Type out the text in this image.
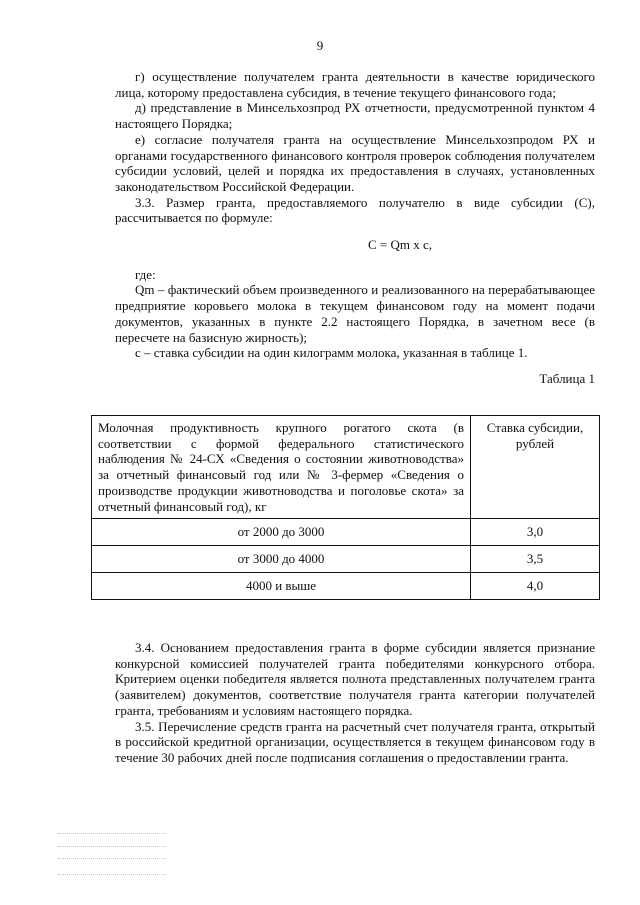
9

г) осуществление получателем гранта деятельности в качестве юридического лица, которому предоставлена субсидия, в течение текущего финансового года;

д) представление в Минсельхозпрод РХ отчетности, предусмотренной пунктом 4 настоящего Порядка;

е) согласие получателя гранта на осуществление Минсельхозпродом РХ и органами государственного финансового контроля проверок соблюдения получателем субсидии условий, целей и порядка их предоставления в случаях, установленных законодательством Российской Федерации.

3.3. Размер гранта, предоставляемого получателю в виде субсидии (С), рассчитывается по формуле:

C = Qm х с,

где:

Qm – фактический объем произведенного и реализованного на перерабатывающее предприятие коровьего молока в текущем финансовом году на момент подачи документов, указанных в пункте 2.2 настоящего Порядка, в зачетном весе (в пересчете на базисную жирность);

с – ставка субсидии на один килограмм молока, указанная в таблице 1.

Таблица 1

Молочная продуктивность крупного рогатого скота (в соответствии с формой федерального статистического наблюдения № 24-СХ «Сведения о состоянии животноводства» за отчетный финансовый год или № 3-фермер «Сведения о производстве продукции животноводства и поголовье скота» за отчетный финансовый год), кг	Ставка субсидии, рублей
от 2000 до 3000	3,0
от 3000 до 4000	3,5
4000 и выше	4,0

3.4. Основанием предоставления гранта в форме субсидии является признание конкурсной комиссией получателей гранта победителями конкурсного отбора. Критерием оценки победителя является полнота представленных получателем гранта (заявителем) документов, соответствие получателя гранта категории получателей гранта, требованиям и условиям настоящего порядка.

3.5. Перечисление средств гранта на расчетный счет получателя гранта, открытый в российской кредитной организации, осуществляется в текущем финансовом году в течение 30 рабочих дней после подписания соглашения о предоставлении гранта.
